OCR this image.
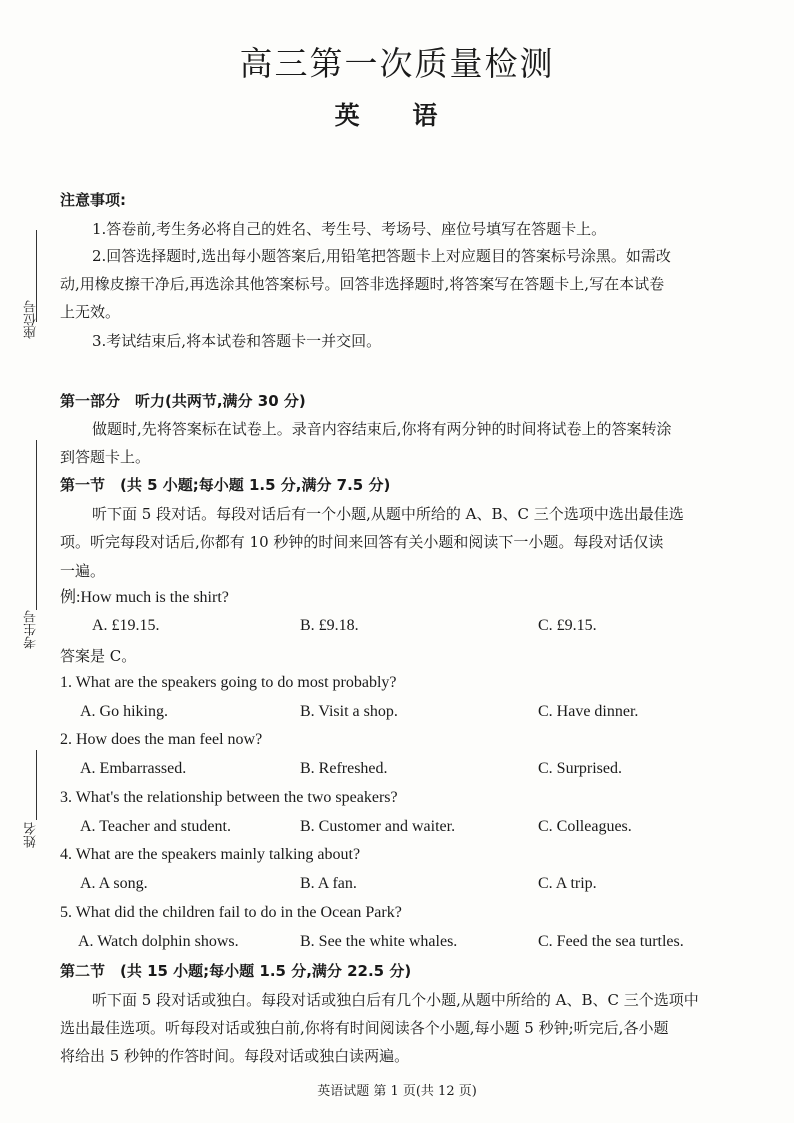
高三第一次质量检测
英 语
座位号
考生号
姓名
注意事项:
1.答卷前,考生务必将自己的姓名、考生号、考场号、座位号填写在答题卡上。
2.回答选择题时,选出每小题答案后,用铅笔把答题卡上对应题目的答案标号涂黑。如需改
动,用橡皮擦干净后,再选涂其他答案标号。回答非选择题时,将答案写在答题卡上,写在本试卷
上无效。
3.考试结束后,将本试卷和答题卡一并交回。
第一部分　听力(共两节,满分 30 分)
做题时,先将答案标在试卷上。录音内容结束后,你将有两分钟的时间将试卷上的答案转涂
到答题卡上。
第一节　(共 5 小题;每小题 1.5 分,满分 7.5 分)
听下面 5 段对话。每段对话后有一个小题,从题中所给的 A、B、C 三个选项中选出最佳选
项。听完每段对话后,你都有 10 秒钟的时间来回答有关小题和阅读下一小题。每段对话仅读
一遍。
例:How much is the shirt?
A. £19.15.	B. £9.18.	C. £9.15.
答案是 C。
1. What are the speakers going to do most probably?
A. Go hiking.	B. Visit a shop.	C. Have dinner.
2. How does the man feel now?
A. Embarrassed.	B. Refreshed.	C. Surprised.
3. What's the relationship between the two speakers?
A. Teacher and student.	B. Customer and waiter.	C. Colleagues.
4. What are the speakers mainly talking about?
A. A song.	B. A fan.	C. A trip.
5. What did the children fail to do in the Ocean Park?
A. Watch dolphin shows.	B. See the white whales.	C. Feed the sea turtles.
第二节　(共 15 小题;每小题 1.5 分,满分 22.5 分)
听下面 5 段对话或独白。每段对话或独白后有几个小题,从题中所给的 A、B、C 三个选项中
选出最佳选项。听每段对话或独白前,你将有时间阅读各个小题,每小题 5 秒钟;听完后,各小题
将给出 5 秒钟的作答时间。每段对话或独白读两遍。
英语试题 第 1 页(共 12 页)
